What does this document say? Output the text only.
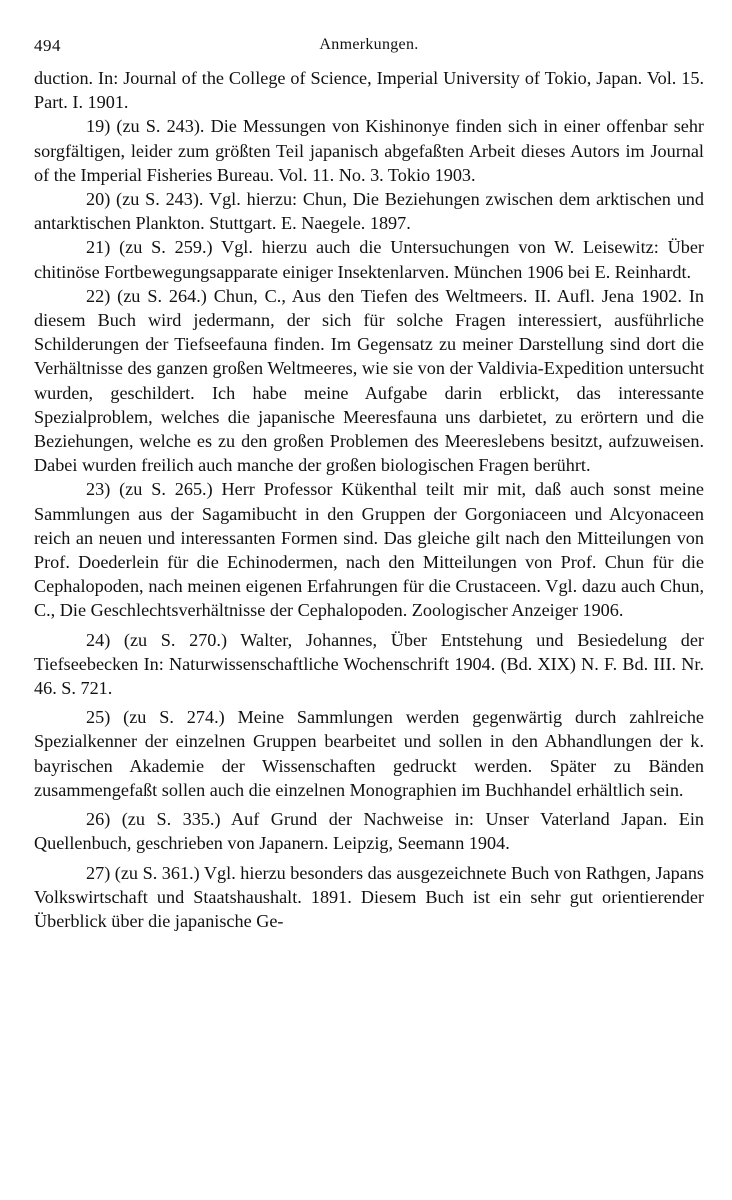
494	Anmerkungen.

duction. In: Journal of the College of Science, Imperial University of Tokio, Japan. Vol. 15. Part. I. 1901.

19) (zu S. 243). Die Messungen von Kishinonye finden sich in einer offenbar sehr sorgfältigen, leider zum größten Teil japanisch abgefaßten Arbeit dieses Autors im Journal of the Imperial Fisheries Bureau. Vol. 11. No. 3. Tokio 1903.

20) (zu S. 243). Vgl. hierzu: Chun, Die Beziehungen zwischen dem arktischen und antarktischen Plankton. Stuttgart. E. Naegele. 1897.

21) (zu S. 259.) Vgl. hierzu auch die Untersuchungen von W. Leisewitz: Über chitinöse Fortbewegungsapparate einiger Insektenlarven. München 1906 bei E. Reinhardt.

22) (zu S. 264.) Chun, C., Aus den Tiefen des Weltmeers. II. Aufl. Jena 1902. In diesem Buch wird jedermann, der sich für solche Fragen interessiert, ausführliche Schilderungen der Tiefseefauna finden. Im Gegensatz zu meiner Darstellung sind dort die Verhältnisse des ganzen großen Weltmeeres, wie sie von der Valdivia-Expedition untersucht wurden, geschildert. Ich habe meine Aufgabe darin erblickt, das interessante Spezialproblem, welches die japanische Meeresfauna uns darbietet, zu erörtern und die Beziehungen, welche es zu den großen Problemen des Meereslebens besitzt, aufzuweisen. Dabei wurden freilich auch manche der großen biologischen Fragen berührt.

23) (zu S. 265.) Herr Professor Kükenthal teilt mir mit, daß auch sonst meine Sammlungen aus der Sagamibucht in den Gruppen der Gorgoniaceen und Alcyonaceen reich an neuen und interessanten Formen sind. Das gleiche gilt nach den Mitteilungen von Prof. Doederlein für die Echinodermen, nach den Mitteilungen von Prof. Chun für die Cephalopoden, nach meinen eigenen Erfahrungen für die Crustaceen. Vgl. dazu auch Chun, C., Die Geschlechtsverhältnisse der Cephalopoden. Zoologischer Anzeiger 1906.

24) (zu S. 270.) Walter, Johannes, Über Entstehung und Besiedelung der Tiefseebecken In: Naturwissenschaftliche Wochenschrift 1904. (Bd. XIX) N. F. Bd. III. Nr. 46. S. 721.

25) (zu S. 274.) Meine Sammlungen werden gegenwärtig durch zahlreiche Spezialkenner der einzelnen Gruppen bearbeitet und sollen in den Abhandlungen der k. bayrischen Akademie der Wissenschaften gedruckt werden. Später zu Bänden zusammengefaßt sollen auch die einzelnen Monographien im Buchhandel erhältlich sein.

26) (zu S. 335.) Auf Grund der Nachweise in: Unser Vaterland Japan. Ein Quellenbuch, geschrieben von Japanern. Leipzig, Seemann 1904.

27) (zu S. 361.) Vgl. hierzu besonders das ausgezeichnete Buch von Rathgen, Japans Volkswirtschaft und Staatshaushalt. 1891. Diesem Buch ist ein sehr gut orientierender Überblick über die japanische Ge-
